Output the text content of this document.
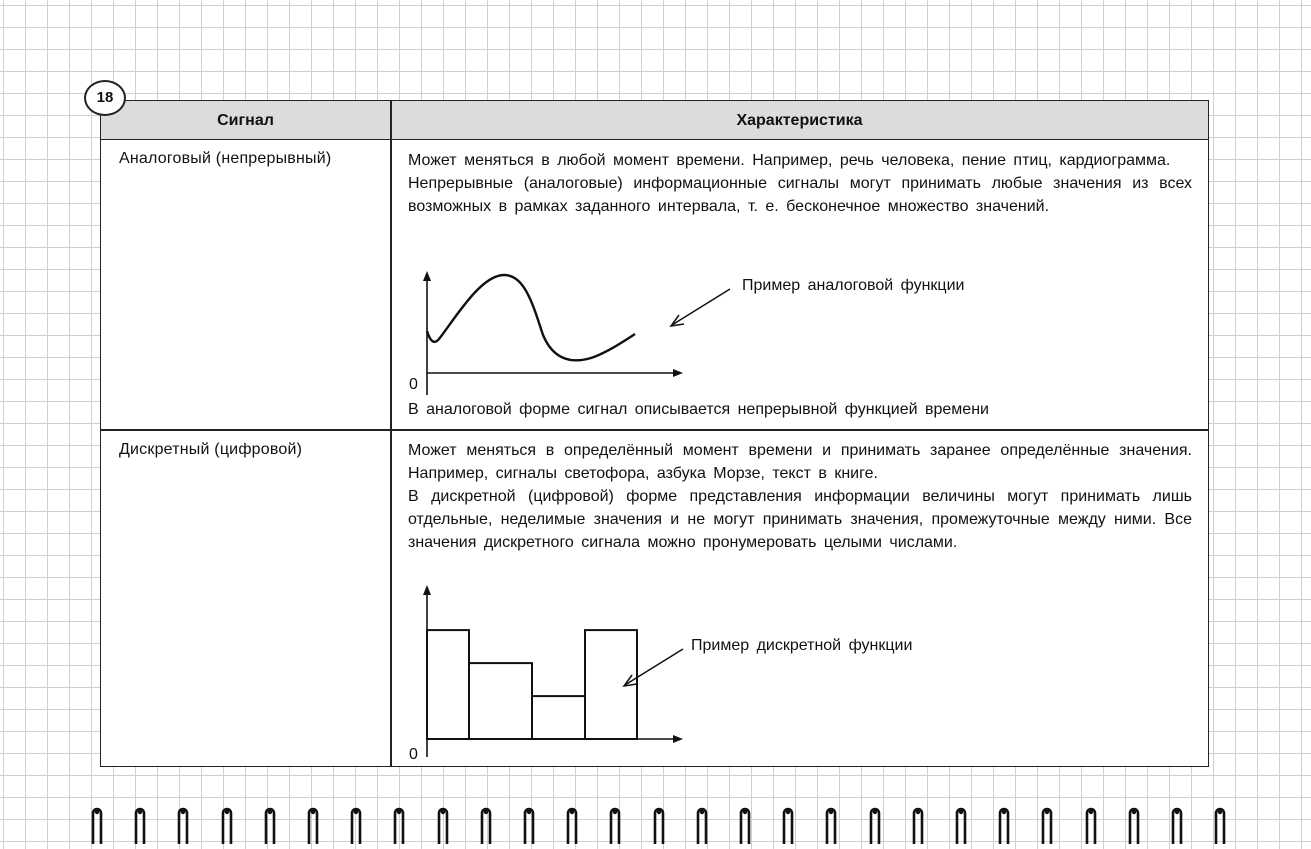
18
Сигнал	Характеристика
Аналоговый (непрерывный)	Может меняться в любой момент времени. Например, речь человека, пение птиц, кардиограмма.

Непрерывные (аналоговые) информационные сигналы могут принимать любые значения из всех возможных в рамках заданного интервала, т. е. бесконечное множество значений.

0
Пример аналоговой функции
В аналоговой форме сигнал описывается непрерывной функцией времени
Дискретный (цифровой)	Может меняться в определённый момент времени и принимать заранее определённые значения. Например, сигналы светофора, азбука Морзе, текст в книге.

В дискретной (цифровой) форме представления информации величины могут принимать лишь отдельные, неделимые значения и не могут принимать значения, промежуточные между ними. Все значения дискретного сигнала можно пронумеровать целыми числами.

0
Пример дискретной функции
